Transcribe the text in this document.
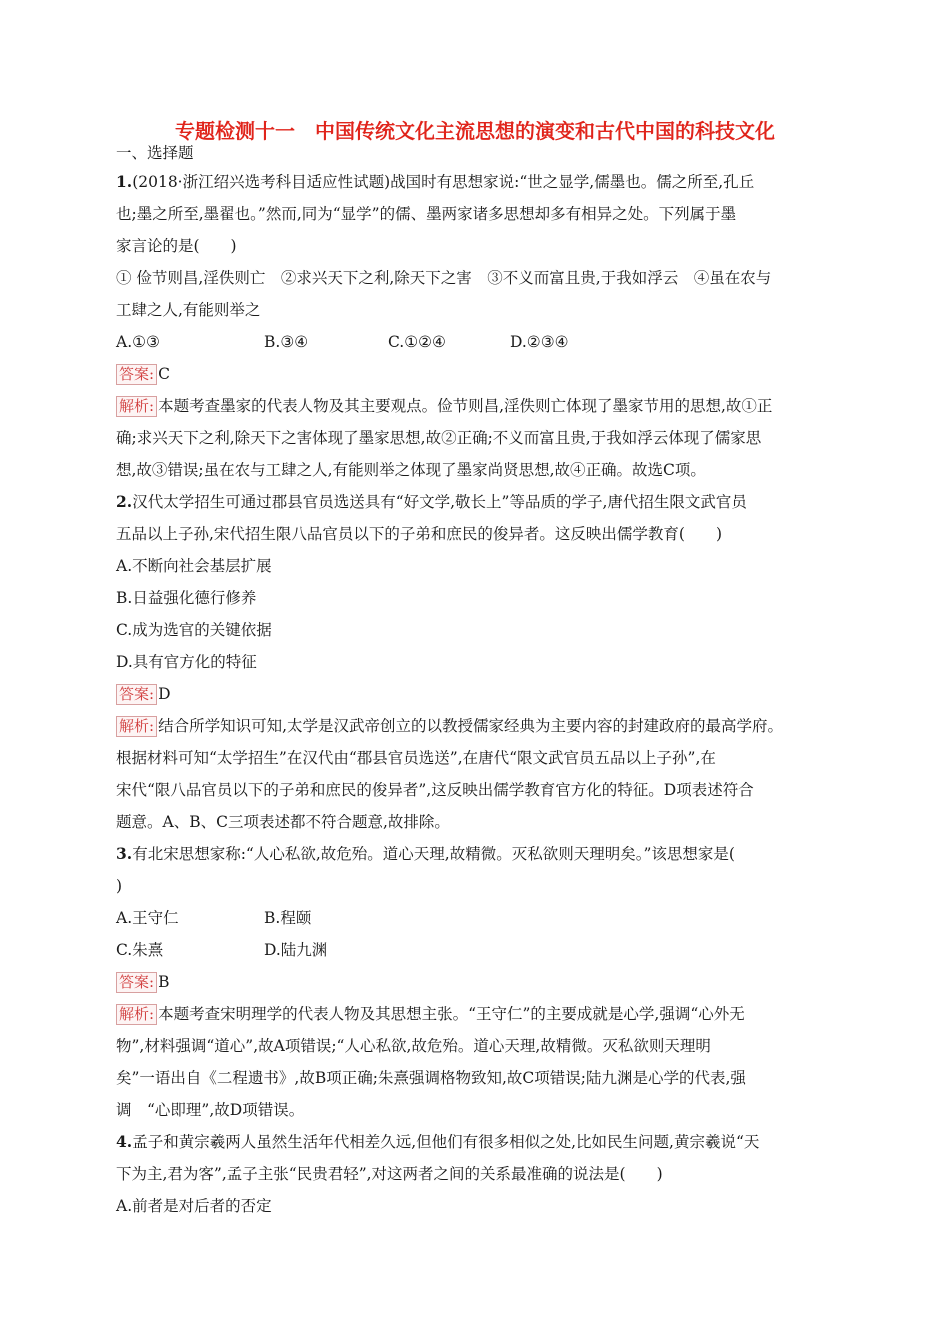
专题检测十一　中国传统文化主流思想的演变和古代中国的科技文化
一、选择题
1.(2018·浙江绍兴选考科目适应性试题)战国时有思想家说:“世之显学,儒墨也。儒之所至,孔丘
也;墨之所至,墨翟也。”然而,同为“显学”的儒、墨两家诸多思想却多有相异之处。下列属于墨
家言论的是(　　)
① 俭节则昌,淫佚则亡　②求兴天下之利,除天下之害　③不义而富且贵,于我如浮云　④虽在农与
工肆之人,有能则举之
A.①③	B.③④	C.①②④	D.②③④
答案: C
解析: 本题考查墨家的代表人物及其主要观点。俭节则昌,淫佚则亡体现了墨家节用的思想,故①正
确;求兴天下之利,除天下之害体现了墨家思想,故②正确;不义而富且贵,于我如浮云体现了儒家思
想,故③错误;虽在农与工肆之人,有能则举之体现了墨家尚贤思想,故④正确。故选C项。
2.汉代太学招生可通过郡县官员选送具有“好文学,敬长上”等品质的学子,唐代招生限文武官员
五品以上子孙,宋代招生限八品官员以下的子弟和庶民的俊异者。这反映出儒学教育(　　)
A.不断向社会基层扩展
B.日益强化德行修养
C.成为选官的关键依据
D.具有官方化的特征
答案: D
解析: 结合所学知识可知,太学是汉武帝创立的以教授儒家经典为主要内容的封建政府的最高学府。
根据材料可知“太学招生”在汉代由“郡县官员选送”,在唐代“限文武官员五品以上子孙”,在
宋代“限八品官员以下的子弟和庶民的俊异者”,这反映出儒学教育官方化的特征。D项表述符合
题意。A、B、C三项表述都不符合题意,故排除。
3.有北宋思想家称:“人心私欲,故危殆。道心天理,故精微。灭私欲则天理明矣。”该思想家是(
)
A.王守仁	B.程颐
C.朱熹	D.陆九渊
答案: B
解析: 本题考查宋明理学的代表人物及其思想主张。“王守仁”的主要成就是心学,强调“心外无
物”,材料强调“道心”,故A项错误;“人心私欲,故危殆。道心天理,故精微。灭私欲则天理明
矣”一语出自《二程遗书》,故B项正确;朱熹强调格物致知,故C项错误;陆九渊是心学的代表,强
调　“心即理”,故D项错误。
4.孟子和黄宗羲两人虽然生活年代相差久远,但他们有很多相似之处,比如民生问题,黄宗羲说“天
下为主,君为客”,孟子主张“民贵君轻”,对这两者之间的关系最准确的说法是(　　)
A.前者是对后者的否定
